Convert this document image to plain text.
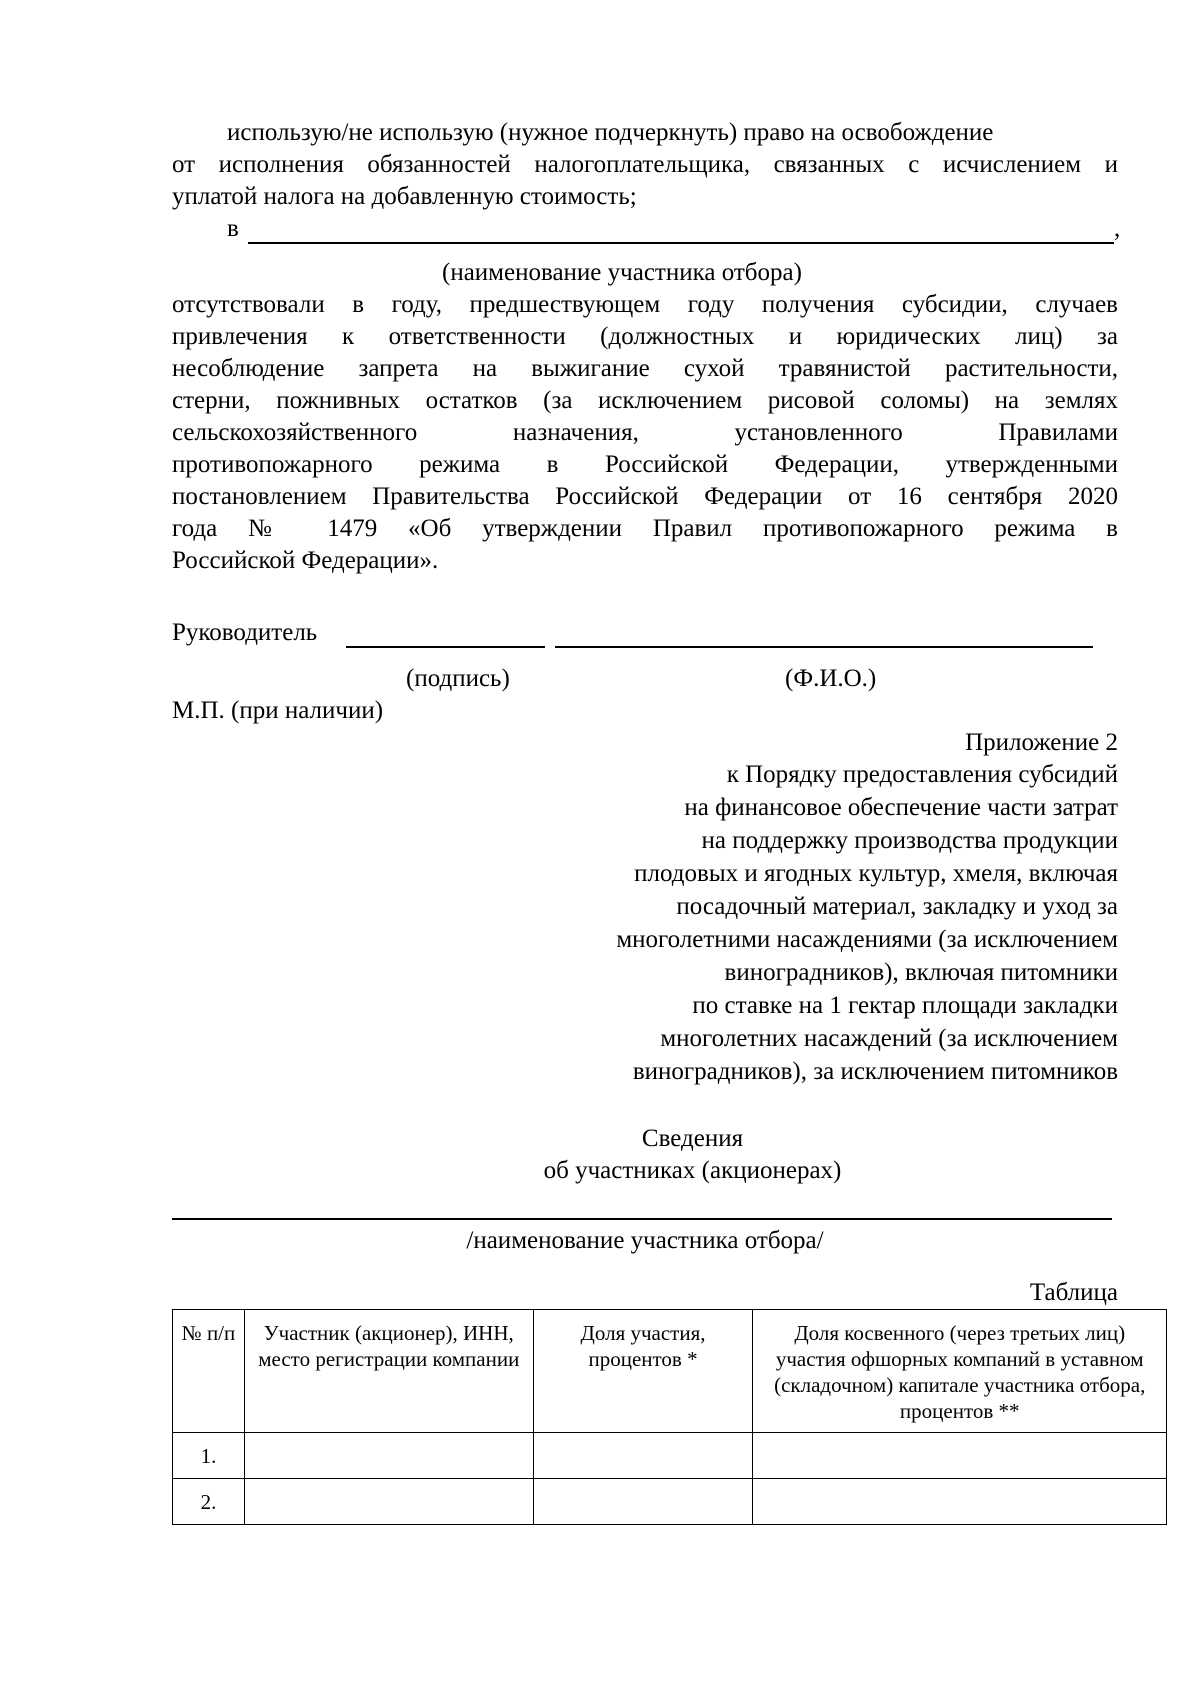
использую/не использую (нужное подчеркнуть) право на освобождение
от исполнения обязанностей налогоплательщика, связанных с исчислением и
уплатой налога на добавленную стоимость;
в	,
(наименование участника отбора)
отсутствовали в году, предшествующем году получения субсидии, случаев
привлечения к ответственности (должностных и юридических лиц) за
несоблюдение запрета на выжигание сухой травянистой растительности,
стерни, пожнивных остатков (за исключением рисовой соломы) на землях
сельскохозяйственного назначения, установленного Правилами
противопожарного режима в Российской Федерации, утвержденными
постановлением Правительства Российской Федерации от 16 сентября 2020
года № 1479 «Об утверждении Правил противопожарного режима в
Российской Федерации».
Руководитель
(подпись)	(Ф.И.О.)
М.П. (при наличии)
Приложение 2
к Порядку предоставления субсидий
на финансовое обеспечение части затрат
на поддержку производства продукции
плодовых и ягодных культур, хмеля, включая
посадочный материал, закладку и уход за
многолетними насаждениями (за исключением
виноградников), включая питомники
по ставке на 1 гектар площади закладки
многолетних насаждений (за исключением
виноградников), за исключением питомников
Сведения
об участниках (акционерах)
/наименование участника отбора/
Таблица
№ п/п	Участник (акционер), ИНН, место регистрации компании	Доля участия, процентов *	Доля косвенного (через третьих лиц) участия офшорных компаний в уставном (складочном) капитале участника отбора, процентов **
1.			
2.			
